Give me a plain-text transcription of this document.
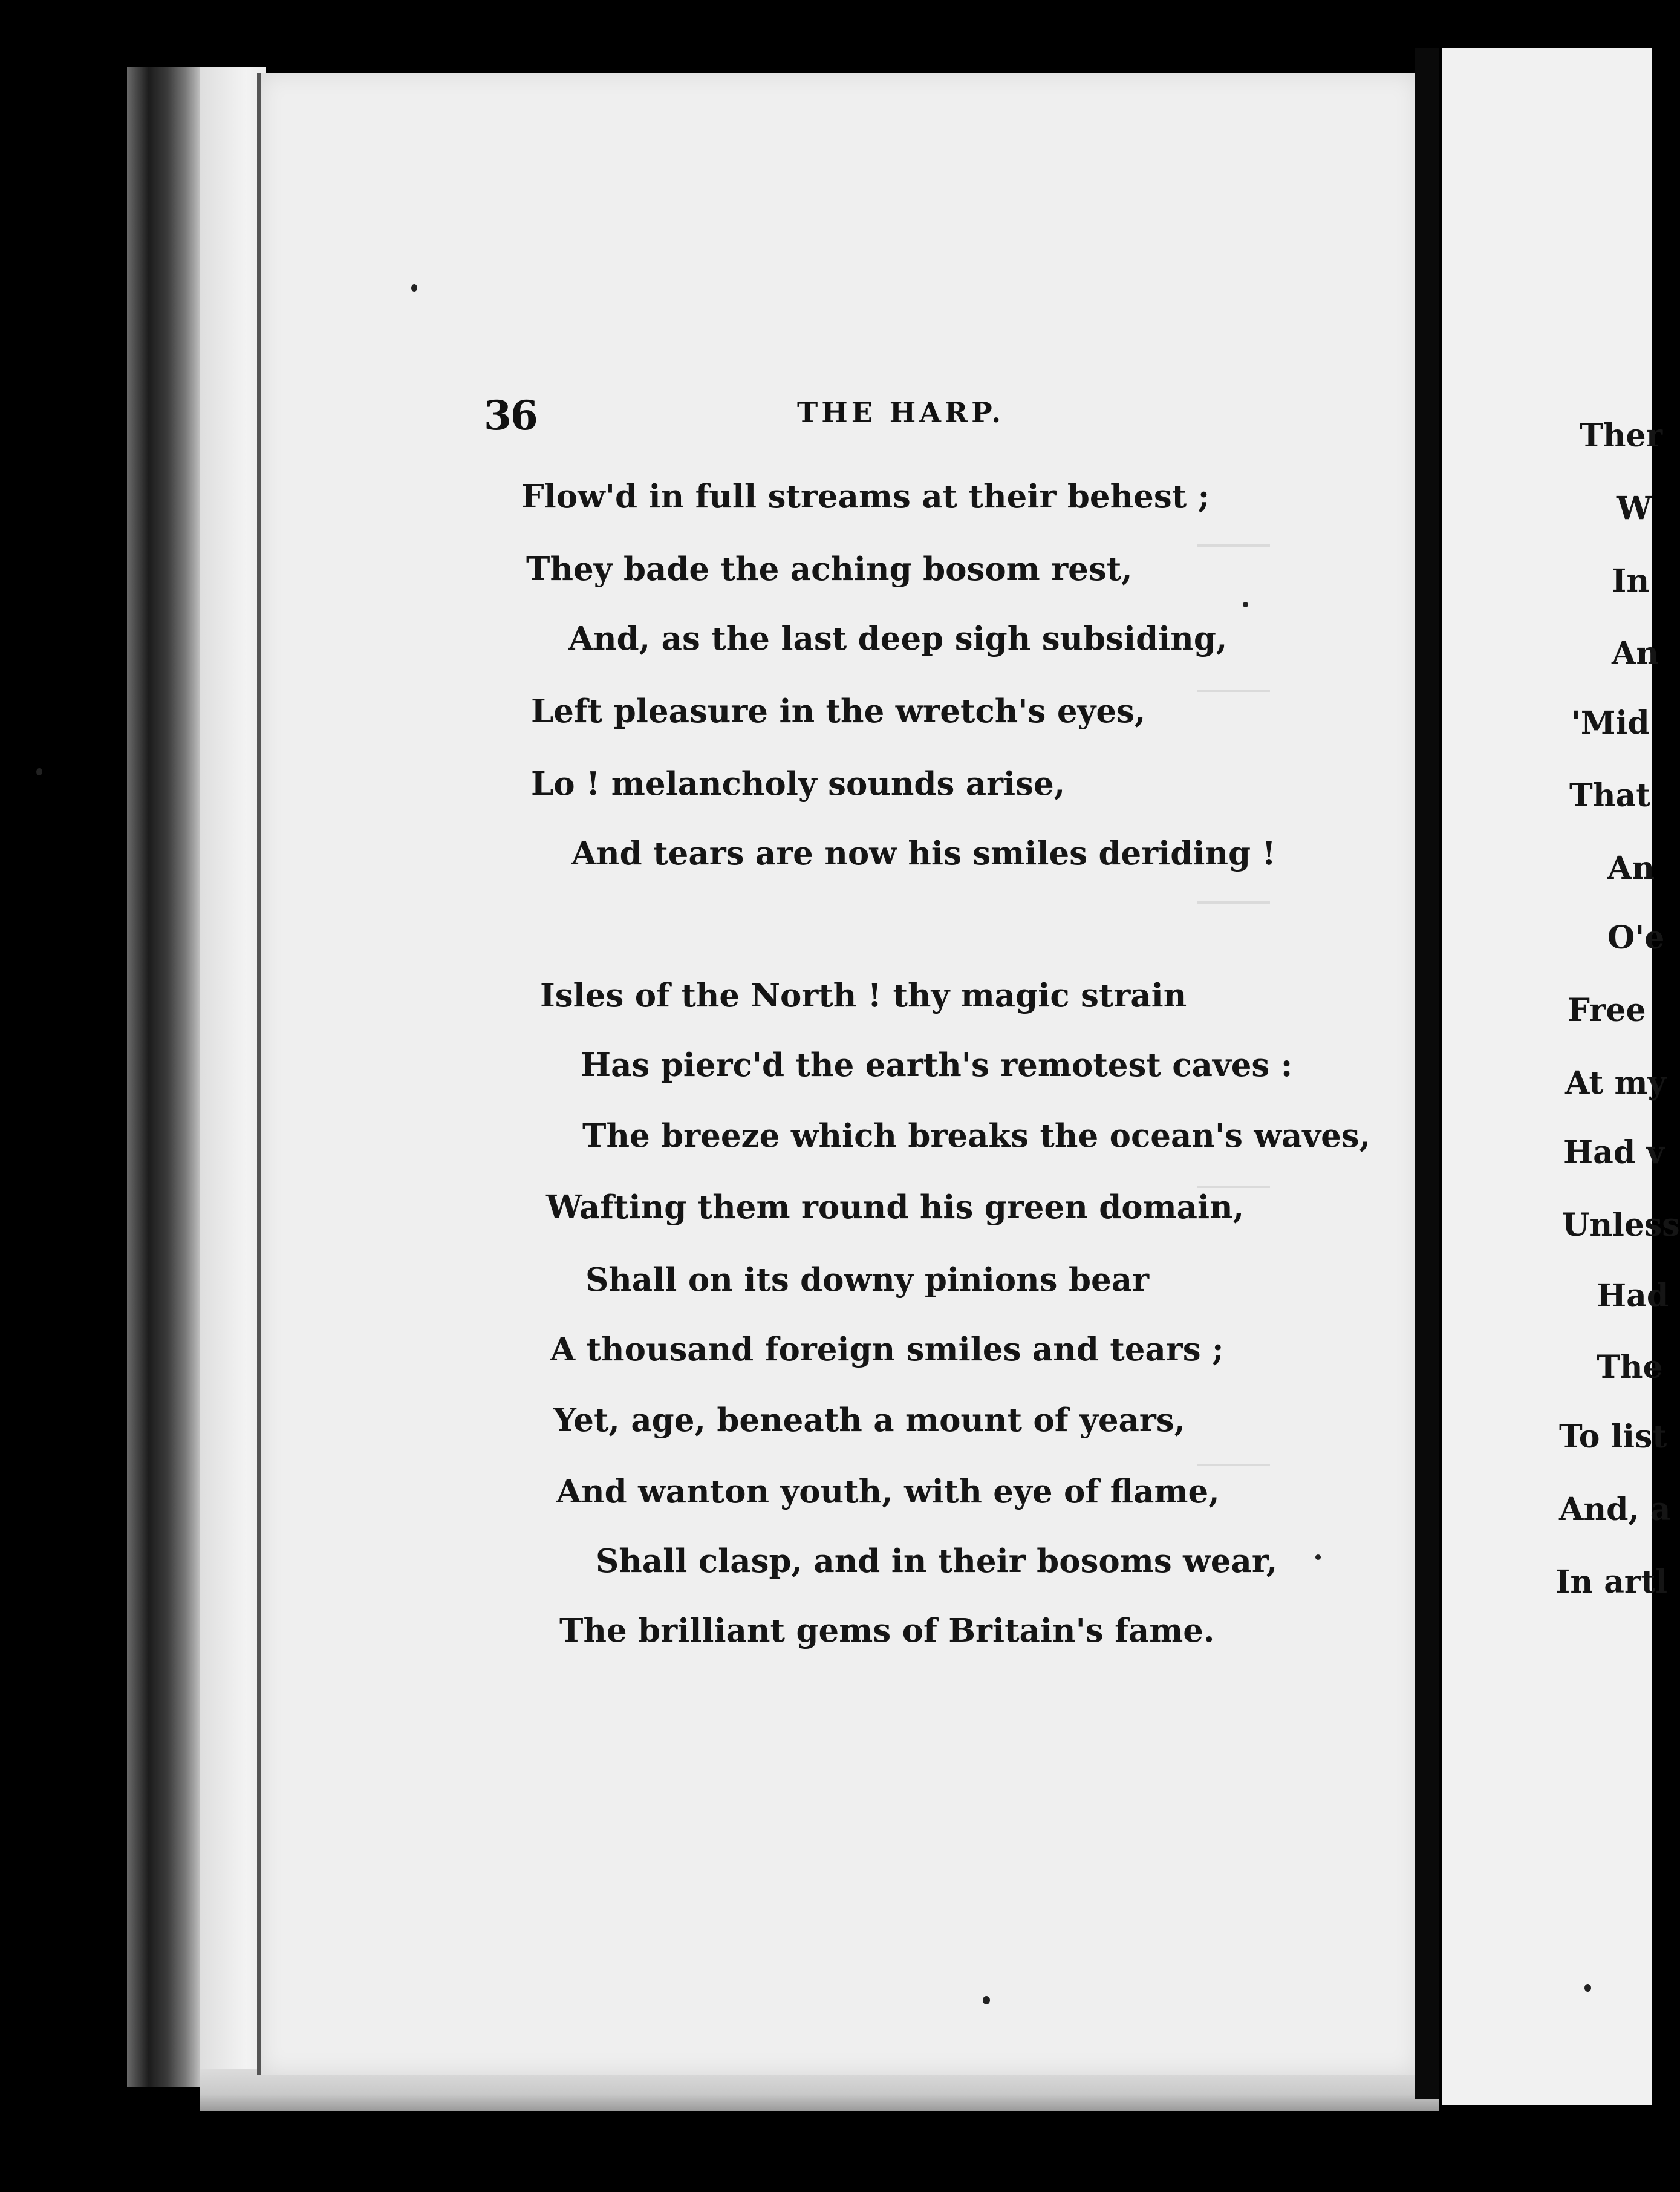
36	THE HARP.
Flow'd in full streams at their behest ;
They bade the aching bosom rest,
And, as the last deep sigh subsiding,
Left pleasure in the wretch's eyes,
Lo ! melancholy sounds arise,
And tears are now his smiles deriding !
Isles of the North ! thy magic strain
Has pierc'd the earth's remotest caves :
The breeze which breaks the ocean's waves,
Wafting them round his green domain,
Shall on its downy pinions bear
A thousand foreign smiles and tears ;
Yet, age, beneath a mount of years,
And wanton youth, with eye of flame,
Shall clasp, and in their bosoms wear,
The brilliant gems of Britain's fame.
Ther
W
In
An
'Mid
That
An
O'e
Free
At my
Had v
Unless
Had
The
To list
And, a
In artl
